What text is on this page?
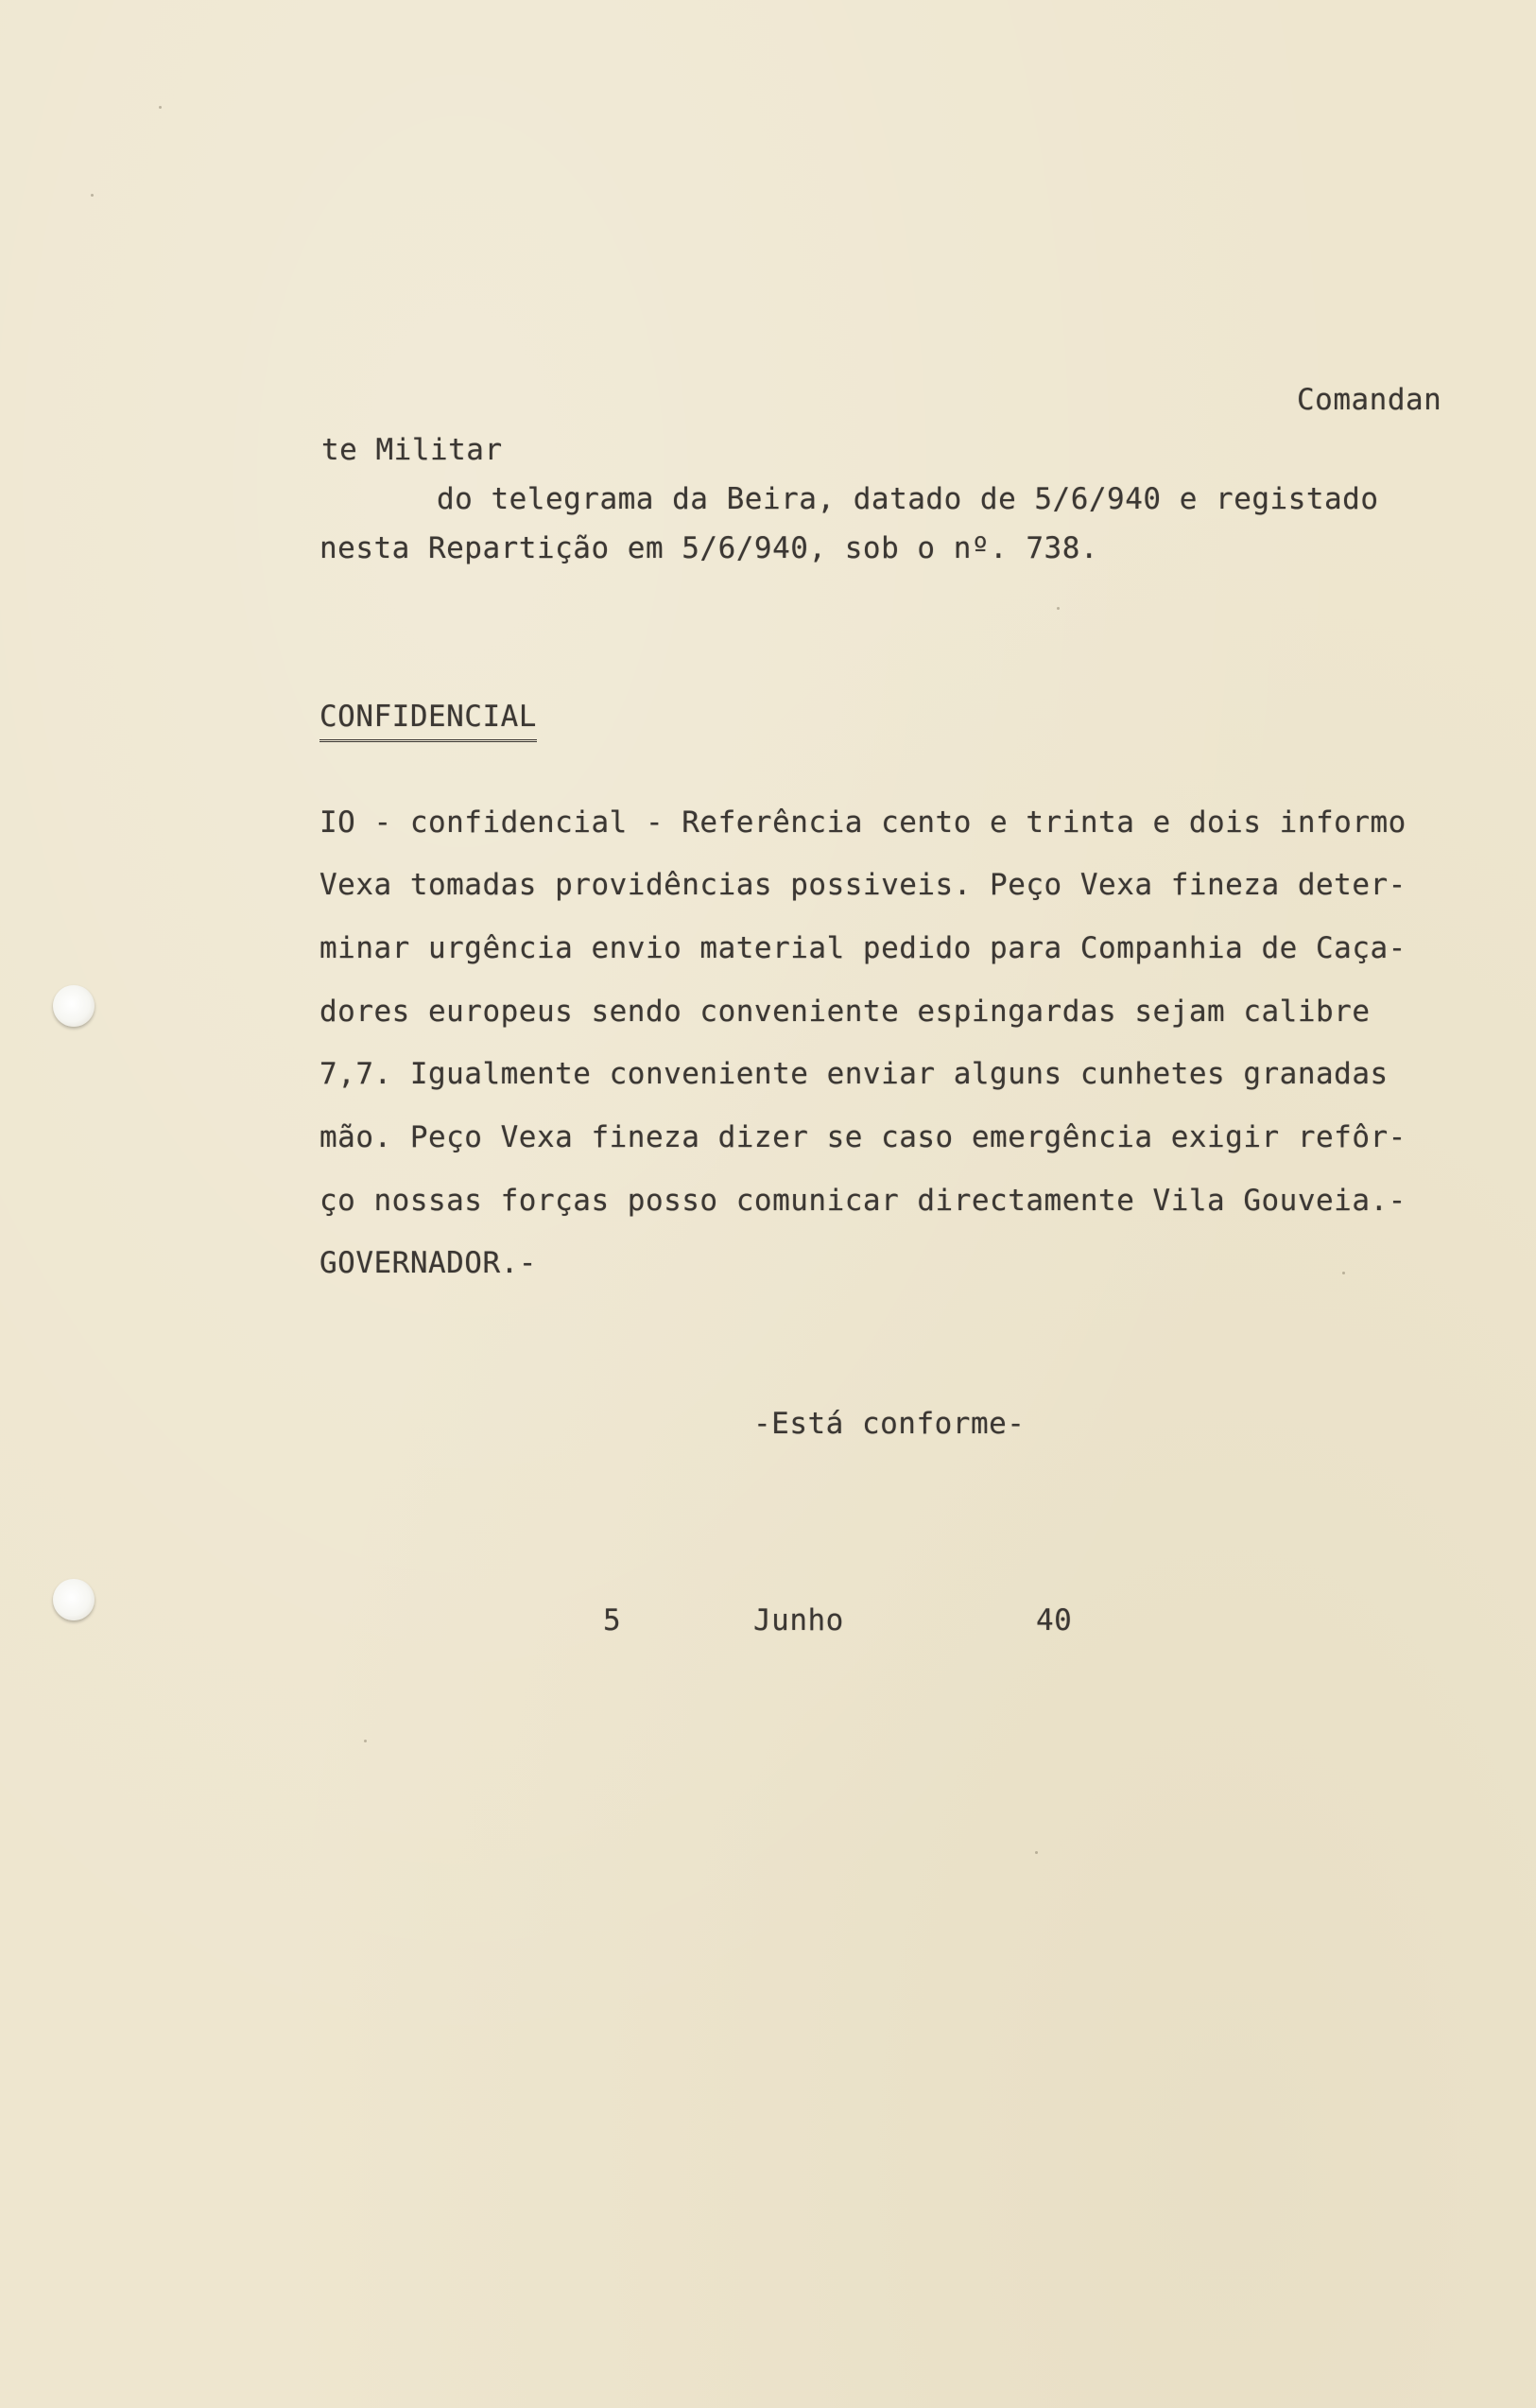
Comandan
te Militar
do telegrama da Beira, datado de 5/6/940 e registado
nesta Repartição em 5/6/940, sob o nº. 738.
CONFIDENCIAL
IO - confidencial - Referência cento e trinta e dois informo
Vexa tomadas providências possiveis. Peço Vexa fineza deter-
minar urgência envio material pedido para Companhia de Caça-
dores europeus sendo conveniente espingardas sejam calibre
7,7. Igualmente conveniente enviar alguns cunhetes granadas
mão. Peço Vexa fineza dizer se caso emergência exigir refôr-
ço nossas forças posso comunicar directamente Vila Gouveia.-
GOVERNADOR.-
-Está conforme-
5	Junho	40
